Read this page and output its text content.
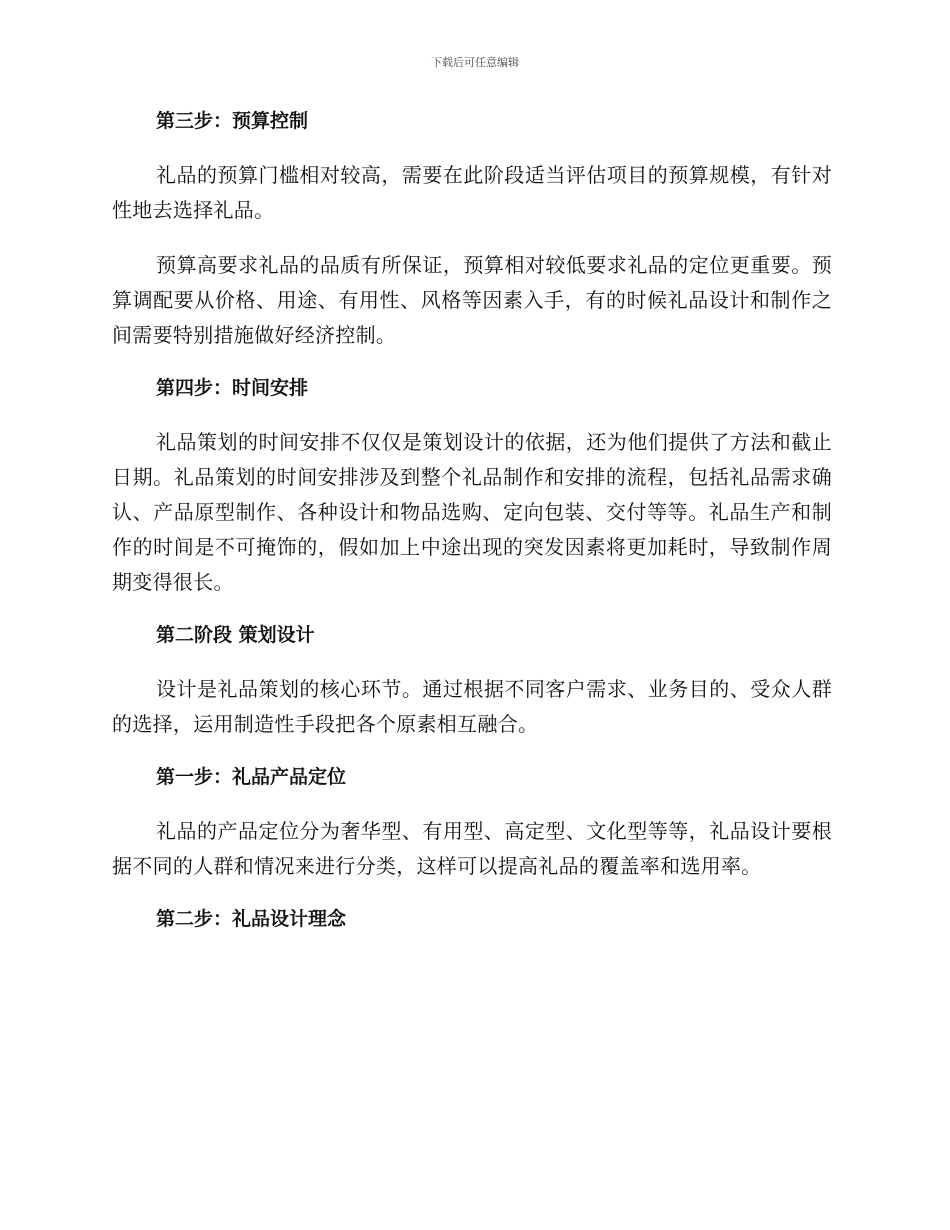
下载后可任意编辑
第三步：预算控制

礼品的预算门槛相对较高，需要在此阶段适当评估项目的预算规模，有针对性地去选择礼品。

预算高要求礼品的品质有所保证，预算相对较低要求礼品的定位更重要。预算调配要从价格、用途、有用性、风格等因素入手，有的时候礼品设计和制作之间需要特别措施做好经济控制。

第四步：时间安排

礼品策划的时间安排不仅仅是策划设计的依据，还为他们提供了方法和截止日期。礼品策划的时间安排涉及到整个礼品制作和安排的流程，包括礼品需求确认、产品原型制作、各种设计和物品选购、定向包装、交付等等。礼品生产和制作的时间是不可掩饰的，假如加上中途出现的突发因素将更加耗时，导致制作周期变得很长。

第二阶段 策划设计

设计是礼品策划的核心环节。通过根据不同客户需求、业务目的、受众人群的选择，运用制造性手段把各个原素相互融合。

第一步：礼品产品定位

礼品的产品定位分为奢华型、有用型、高定型、文化型等等，礼品设计要根据不同的人群和情况来进行分类，这样可以提高礼品的覆盖率和选用率。

第二步：礼品设计理念
